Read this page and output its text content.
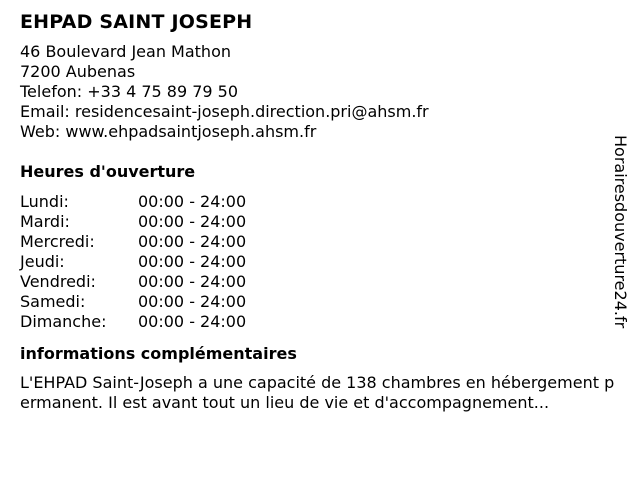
EHPAD SAINT JOSEPH
46 Boulevard Jean Mathon
7200 Aubenas
Telefon: +33 4 75 89 79 50
Email: residencesaint-joseph.direction.pri@ahsm.fr
Web: www.ehpadsaintjoseph.ahsm.fr
Heures d'ouverture
Lundi:	00:00 - 24:00
Mardi:	00:00 - 24:00
Mercredi:	00:00 - 24:00
Jeudi:	00:00 - 24:00
Vendredi:	00:00 - 24:00
Samedi:	00:00 - 24:00
Dimanche:	00:00 - 24:00
informations complémentaires
L'EHPAD Saint-Joseph a une capacité de 138 chambres en hébergement permanent. Il est avant tout un lieu de vie et d'accompagnement...
Horairesdouverture24.fr
